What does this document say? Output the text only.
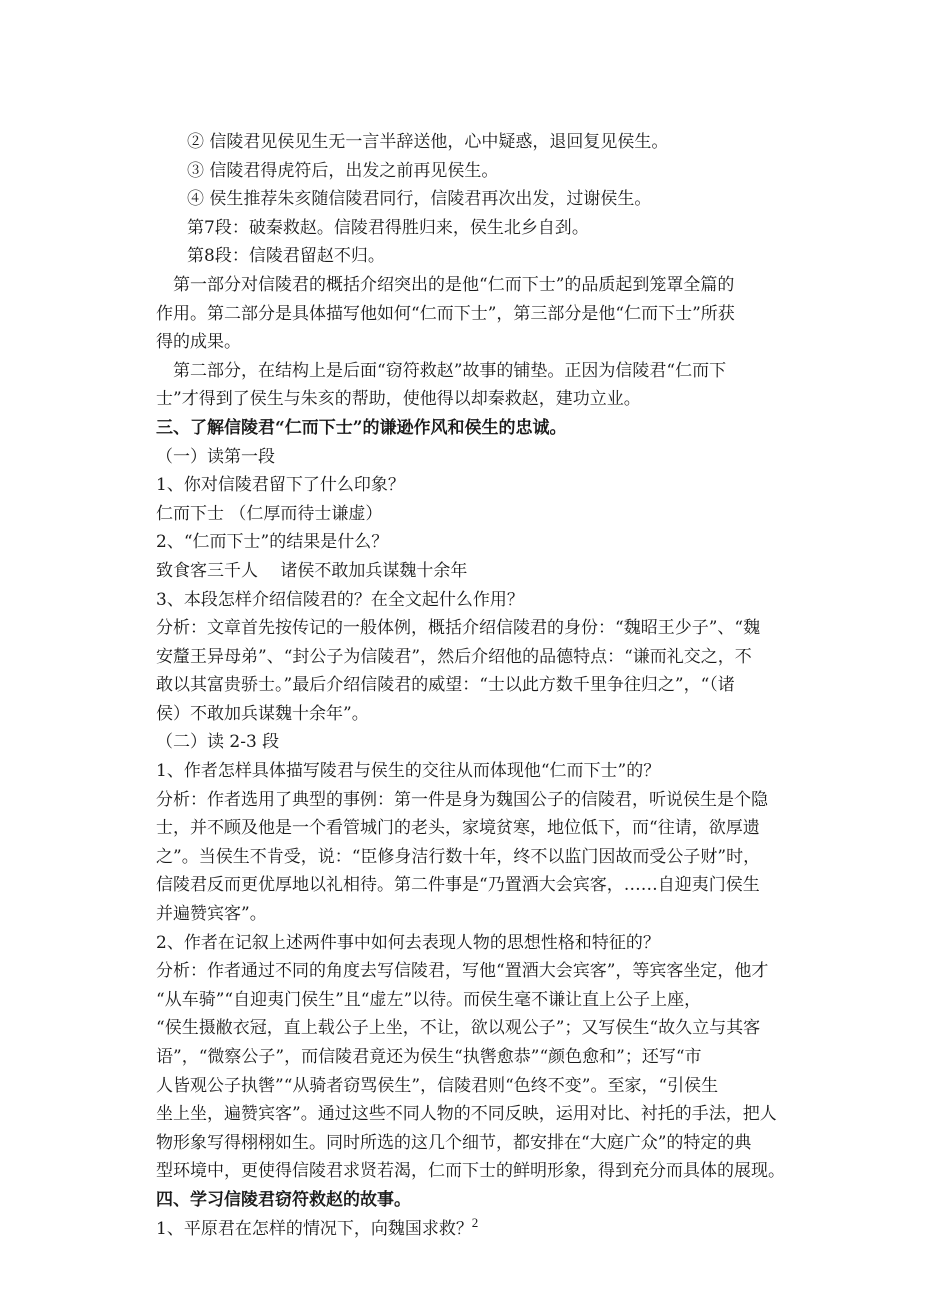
② 信陵君见侯见生无一言半辞送他，心中疑惑，退回复见侯生。
③ 信陵君得虎符后，出发之前再见侯生。
④ 侯生推荐朱亥随信陵君同行，信陵君再次出发，过谢侯生。
第7段：破秦救赵。信陵君得胜归来，侯生北乡自刭。
第8段：信陵君留赵不归。
第一部分对信陵君的概括介绍突出的是他“仁而下士”的品质起到笼罩全篇的
作用。第二部分是具体描写他如何“仁而下士”，第三部分是他“仁而下士”所获
得的成果。
第二部分，在结构上是后面“窃符救赵”故事的铺垫。正因为信陵君“仁而下
士”才得到了侯生与朱亥的帮助，使他得以却秦救赵，建功立业。
三、了解信陵君“仁而下士”的谦逊作风和侯生的忠诚。
（一）读第一段
1、你对信陵君留下了什么印象？
仁而下士 （仁厚而待士谦虚）
2、“仁而下士”的结果是什么？
致食客三千人　 诸侯不敢加兵谋魏十余年
3、本段怎样介绍信陵君的？在全文起什么作用？
分析：文章首先按传记的一般体例，概括介绍信陵君的身份：“魏昭王少子”、“魏
安釐王异母弟”、“封公子为信陵君”，然后介绍他的品德特点：“谦而礼交之，不
敢以其富贵骄士。”最后介绍信陵君的威望：“士以此方数千里争往归之”，“（诸
侯）不敢加兵谋魏十余年”。
（二）读 2-3 段
1、作者怎样具体描写陵君与侯生的交往从而体现他“仁而下士”的？
分析：作者选用了典型的事例：第一件是身为魏国公子的信陵君，听说侯生是个隐
士，并不顾及他是一个看管城门的老头，家境贫寒，地位低下，而“往请，欲厚遗
之”。当侯生不肯受，说：“臣修身洁行数十年，终不以监门因故而受公子财”时，
信陵君反而更优厚地以礼相待。第二件事是“乃置酒大会宾客，……自迎夷门侯生
并遍赞宾客”。
2、作者在记叙上述两件事中如何去表现人物的思想性格和特征的？
分析：作者通过不同的角度去写信陵君，写他“置酒大会宾客”，等宾客坐定，他才
“从车骑”“自迎夷门侯生”且“虚左”以待。而侯生毫不谦让直上公子上座，
“侯生摄敝衣冠，直上载公子上坐，不让，欲以观公子”；又写侯生“故久立与其客
语”，“微察公子”，而信陵君竟还为侯生“执辔愈恭”“颜色愈和”；还写“市
人皆观公子执辔”“从骑者窃骂侯生”，信陵君则“色终不变”。至家，“引侯生
坐上坐，遍赞宾客”。通过这些不同人物的不同反映，运用对比、衬托的手法，把人
物形象写得栩栩如生。同时所选的这几个细节，都安排在“大庭广众”的特定的典
型环境中，更使得信陵君求贤若渴，仁而下士的鲜明形象，得到充分而具体的展现。
四、学习信陵君窃符救赵的故事。
1、平原君在怎样的情况下，向魏国求救？
2
